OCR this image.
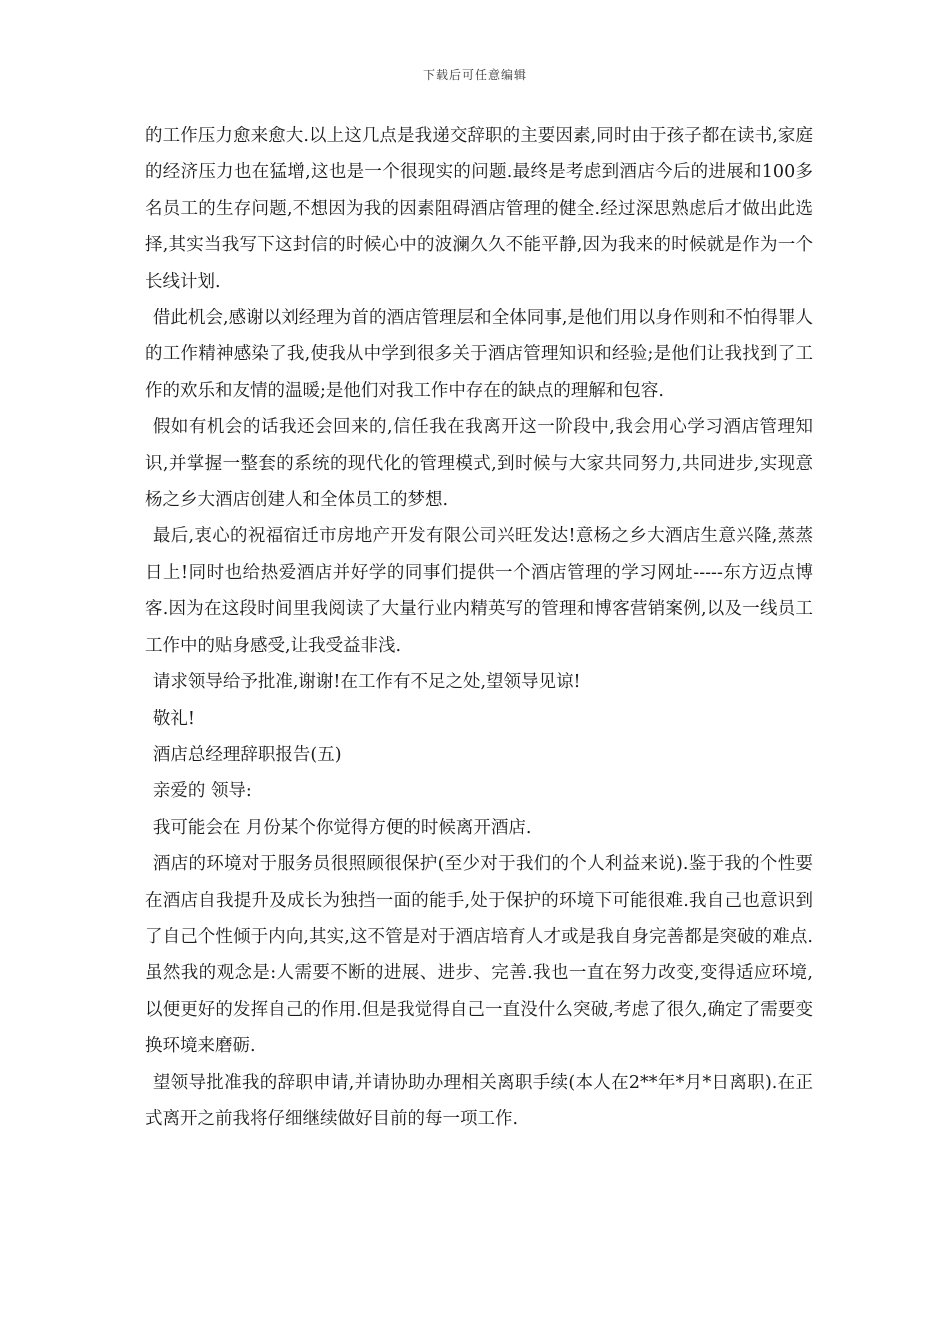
下载后可任意编辑

的工作压力愈来愈大.以上这几点是我递交辞职的主要因素,同时由于孩子都在读书,家庭的经济压力也在猛增,这也是一个很现实的问题.最终是考虑到酒店今后的进展和100多名员工的生存问题,不想因为我的因素阻碍酒店管理的健全.经过深思熟虑后才做出此选择,其实当我写下这封信的时候心中的波澜久久不能平静,因为我来的时候就是作为一个长线计划.

借此机会,感谢以刘经理为首的酒店管理层和全体同事,是他们用以身作则和不怕得罪人的工作精神感染了我,使我从中学到很多关于酒店管理知识和经验;是他们让我找到了工作的欢乐和友情的温暖;是他们对我工作中存在的缺点的理解和包容.

假如有机会的话我还会回来的,信任我在我离开这一阶段中,我会用心学习酒店管理知识,并掌握一整套的系统的现代化的管理模式,到时候与大家共同努力,共同进步,实现意杨之乡大酒店创建人和全体员工的梦想.

最后,衷心的祝福宿迁市房地产开发有限公司兴旺发达!意杨之乡大酒店生意兴隆,蒸蒸日上!同时也给热爱酒店并好学的同事们提供一个酒店管理的学习网址-----东方迈点博客.因为在这段时间里我阅读了大量行业内精英写的管理和博客营销案例,以及一线员工工作中的贴身感受,让我受益非浅.

请求领导给予批准,谢谢!在工作有不足之处,望领导见谅!

敬礼!

酒店总经理辞职报告(五)

亲爱的 领导:

我可能会在 月份某个你觉得方便的时候离开酒店.

酒店的环境对于服务员很照顾很保护(至少对于我们的个人利益来说).鉴于我的个性要在酒店自我提升及成长为独挡一面的能手,处于保护的环境下可能很难.我自己也意识到了自己个性倾于内向,其实,这不管是对于酒店培育人才或是我自身完善都是突破的难点.虽然我的观念是:人需要不断的进展、进步、完善.我也一直在努力改变,变得适应环境,以便更好的发挥自己的作用.但是我觉得自己一直没什么突破,考虑了很久,确定了需要变换环境来磨砺.

望领导批准我的辞职申请,并请协助办理相关离职手续(本人在2**年*月*日离职).在正式离开之前我将仔细继续做好目前的每一项工作.
